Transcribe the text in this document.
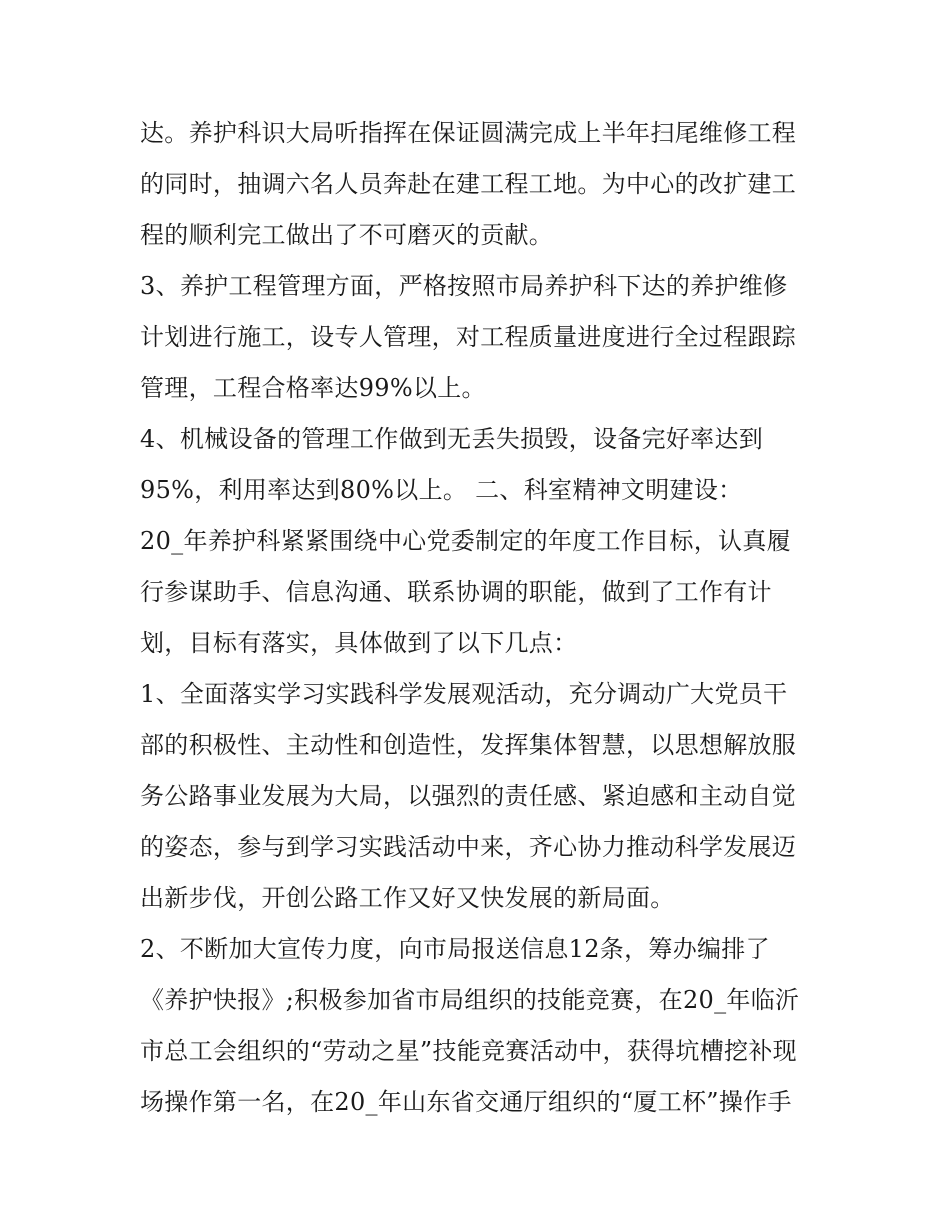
达。养护科识大局听指挥在保证圆满完成上半年扫尾维修工程
的同时，抽调六名人员奔赴在建工程工地。为中心的改扩建工
程的顺利完工做出了不可磨灭的贡献。
3、养护工程管理方面，严格按照市局养护科下达的养护维修
计划进行施工，设专人管理，对工程质量进度进行全过程跟踪
管理，工程合格率达99%以上。
4、机械设备的管理工作做到无丢失损毁，设备完好率达到
95%，利用率达到80%以上。 二、科室精神文明建设：
20_年养护科紧紧围绕中心党委制定的年度工作目标，认真履
行参谋助手、信息沟通、联系协调的职能，做到了工作有计
划，目标有落实，具体做到了以下几点：
1、全面落实学习实践科学发展观活动，充分调动广大党员干
部的积极性、主动性和创造性，发挥集体智慧，以思想解放服
务公路事业发展为大局，以强烈的责任感、紧迫感和主动自觉
的姿态，参与到学习实践活动中来，齐心协力推动科学发展迈
出新步伐，开创公路工作又好又快发展的新局面。
2、不断加大宣传力度，向市局报送信息12条，筹办编排了
《养护快报》;积极参加省市局组织的技能竞赛，在20_年临沂
市总工会组织的“劳动之星”技能竞赛活动中，获得坑槽挖补现
场操作第一名，在20_年山东省交通厅组织的“厦工杯”操作手
